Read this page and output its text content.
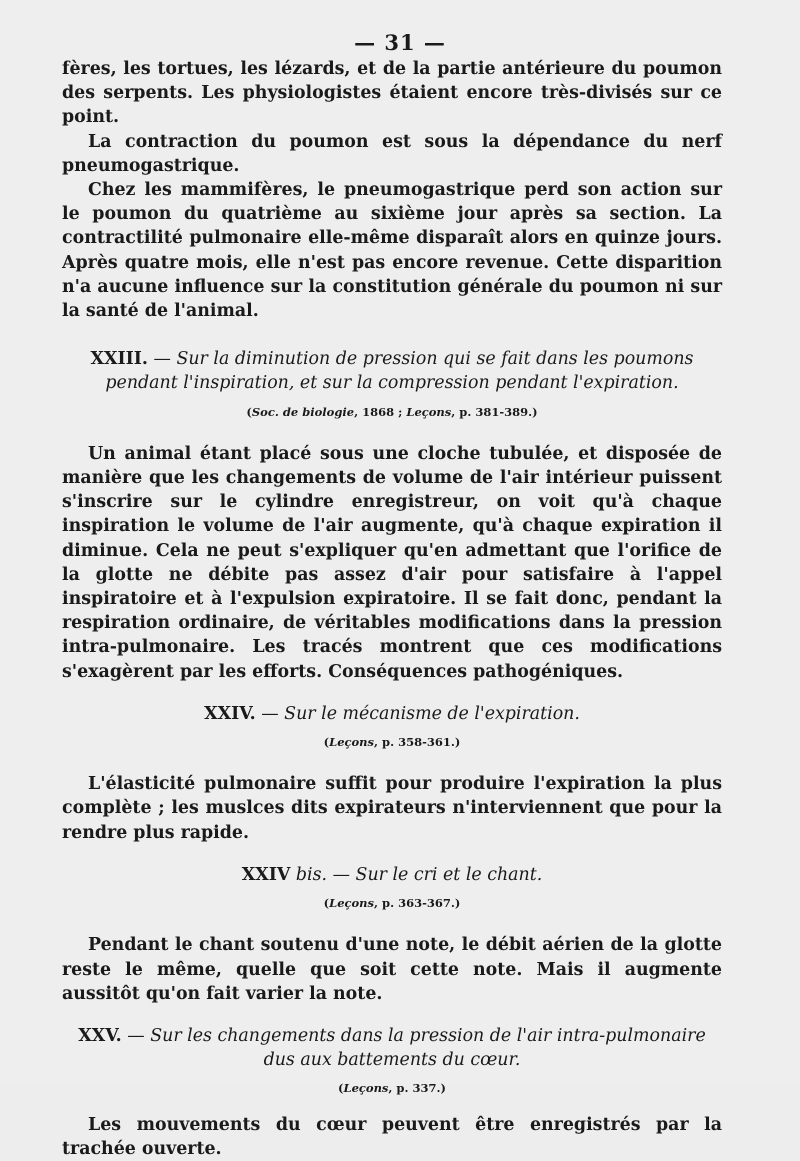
— 31 —

fères, les tortues, les lézards, et de la partie antérieure du poumon des serpents. Les physiologistes étaient encore très-divisés sur ce point.

La contraction du poumon est sous la dépendance du nerf pneumogastrique.

Chez les mammifères, le pneumogastrique perd son action sur le poumon du quatrième au sixième jour après sa section. La contractilité pulmonaire elle-même disparaît alors en quinze jours. Après quatre mois, elle n'est pas encore revenue. Cette disparition n'a aucune influence sur la constitution générale du poumon ni sur la santé de l'animal.

XXIII. — Sur la diminution de pression qui se fait dans les poumons
pendant l'inspiration, et sur la compression pendant l'expiration.
(Soc. de biologie, 1868 ; Leçons, p. 381-389.)

Un animal étant placé sous une cloche tubulée, et disposée de manière que les changements de volume de l'air intérieur puissent s'inscrire sur le cylindre enregistreur, on voit qu'à chaque inspiration le volume de l'air augmente, qu'à chaque expiration il diminue. Cela ne peut s'expliquer qu'en admettant que l'orifice de la glotte ne débite pas assez d'air pour satisfaire à l'appel inspiratoire et à l'expulsion expiratoire. Il se fait donc, pendant la respiration ordinaire, de véritables modifications dans la pression intra-pulmonaire. Les tracés montrent que ces modifications s'exagèrent par les efforts. Conséquences pathogéniques.

XXIV. — Sur le mécanisme de l'expiration.
(Leçons, p. 358-361.)

L'élasticité pulmonaire suffit pour produire l'expiration la plus complète ; les muslces dits expirateurs n'interviennent que pour la rendre plus rapide.

XXIV bis. — Sur le cri et le chant.
(Leçons, p. 363-367.)

Pendant le chant soutenu d'une note, le débit aérien de la glotte reste le même, quelle que soit cette note. Mais il augmente aussitôt qu'on fait varier la note.

XXV. — Sur les changements dans la pression de l'air intra-pulmonaire
dus aux battements du cœur.
(Leçons, p. 337.)

Les mouvements du cœur peuvent être enregistrés par la trachée ouverte.
